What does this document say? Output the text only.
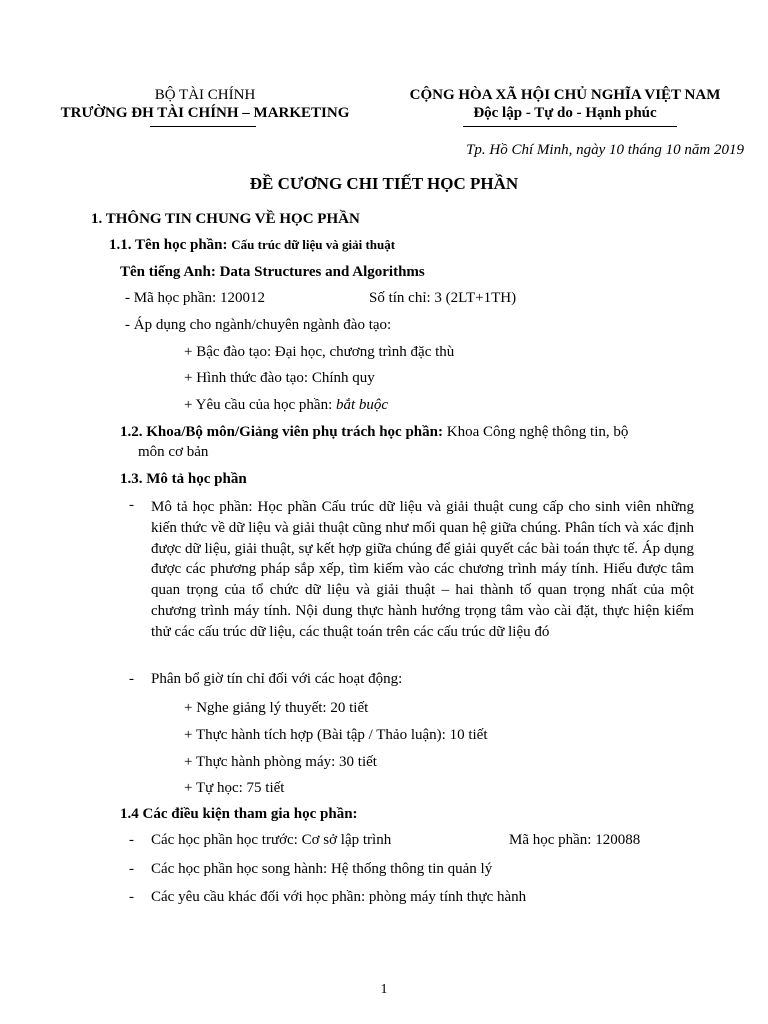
BỘ TÀI CHÍNH
TRƯỜNG ĐH TÀI CHÍNH – MARKETING
CỘNG HÒA XÃ HỘI CHỦ NGHĨA VIỆT NAM
Độc lập - Tự do - Hạnh phúc
Tp. Hồ Chí Minh, ngày 10 tháng 10 năm 2019
ĐỀ CƯƠNG CHI TIẾT HỌC PHẦN
1. THÔNG TIN CHUNG VỀ HỌC PHẦN
1.1. Tên học phần: Cấu trúc dữ liệu và giải thuật
Tên tiếng Anh: Data Structures and Algorithms
- Mã học phần: 120012	Số tín chỉ: 3 (2LT+1TH)
- Áp dụng cho ngành/chuyên ngành đào tạo:
+ Bậc đào tạo: Đại học, chương trình đặc thù
+ Hình thức đào tạo: Chính quy
+ Yêu cầu của học phần: bắt buộc
1.2. Khoa/Bộ môn/Giảng viên phụ trách học phần: Khoa Công nghệ thông tin, bộ
môn cơ bản
1.3. Mô tả học phần
- Mô tả học phần: Học phần Cấu trúc dữ liệu và giải thuật cung cấp cho sinh viên những kiến thức về dữ liệu và giải thuật cũng như mối quan hệ giữa chúng. Phân tích và xác định được dữ liệu, giải thuật, sự kết hợp giữa chúng để giải quyết các bài toán thực tế. Áp dụng được các phương pháp sắp xếp, tìm kiếm vào các chương trình máy tính. Hiểu được tâm quan trọng của tổ chức dữ liệu và giải thuật – hai thành tố quan trọng nhất của một chương trình máy tính. Nội dung thực hành hướng trọng tâm vào cài đặt, thực hiện kiểm thử các cấu trúc dữ liệu, các thuật toán trên các cấu trúc dữ liệu đó
- Phân bổ giờ tín chỉ đối với các hoạt động:
+ Nghe giảng lý thuyết: 20 tiết
+ Thực hành tích hợp (Bài tập / Thảo luận): 10 tiết
+ Thực hành phòng máy: 30 tiết
+ Tự học: 75 tiết
1.4 Các điều kiện tham gia học phần:
- Các học phần học trước: Cơ sở lập trình	Mã học phần: 120088
- Các học phần học song hành: Hệ thống thông tin quản lý
- Các yêu cầu khác đối với học phần: phòng máy tính thực hành
1
